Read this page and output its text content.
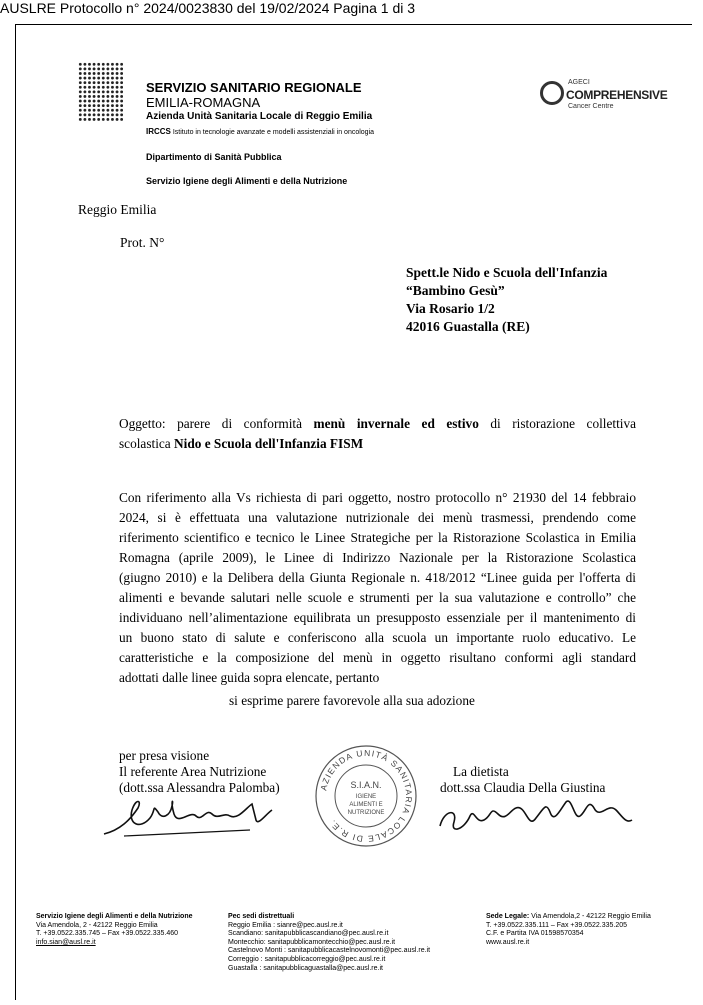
AUSLRE Protocollo n° 2024/0023830 del 19/02/2024 Pagina 1 di 3
SERVIZIO SANITARIO REGIONALE
EMILIA-ROMAGNA
Azienda Unità Sanitaria Locale di Reggio Emilia
IRCCS Istituto in tecnologie avanzate e modelli assistenziali in oncologia
Dipartimento di Sanità Pubblica
Servizio Igiene degli Alimenti e della Nutrizione
AGECI
COMPREHENSIVE
Cancer Centre
Reggio Emilia
Prot. N°
Spett.le Nido e Scuola dell'Infanzia
“Bambino Gesù”
Via Rosario 1/2
42016 Guastalla (RE)
Oggetto: parere di conformità menù invernale ed estivo di ristorazione collettiva
scolastica Nido e Scuola dell'Infanzia FISM
Con riferimento alla Vs richiesta di pari oggetto, nostro protocollo n° 21930 del 14 febbraio
2024, si è effettuata una valutazione nutrizionale dei menù trasmessi, prendendo come
riferimento scientifico e tecnico le Linee Strategiche per la Ristorazione Scolastica in Emilia
Romagna (aprile 2009), le Linee di Indirizzo Nazionale per la Ristorazione Scolastica
(giugno 2010) e la Delibera della Giunta Regionale n. 418/2012 “Linee guida per l'offerta di
alimenti e bevande salutari nelle scuole e strumenti per la sua valutazione e controllo” che
individuano nell’alimentazione equilibrata un presupposto essenziale per il mantenimento di
un buono stato di salute e conferiscono alla scuola un importante ruolo educativo. Le
caratteristiche e la composizione del menù in oggetto risultano conformi agli standard
adottati dalle linee guida sopra elencate, pertanto
si esprime parere favorevole alla sua adozione
per presa visione
Il referente Area Nutrizione
(dott.ssa Alessandra Palomba)
La dietista
dott.ssa Claudia Della Giustina
AZIENDA UNITÀ SANITARIA LOCALE DI R.E.
S.I.A.N.
IGIENE
ALIMENTI E
NUTRIZIONE
Servizio Igiene degli Alimenti e della Nutrizione
Via Amendola, 2 - 42122 Reggio Emilia
T. +39.0522.335.745 – Fax +39.0522.335.460
info.sian@ausl.re.it
Pec sedi distrettuali
Reggio Emilia : sianre@pec.ausl.re.it
Scandiano: sanitapubblicascandiano@pec.ausl.re.it
Montecchio: sanitapubblicamontecchio@pec.ausl.re.it
Castelnovo Monti : sanitapubblicacastelnovomonti@pec.ausl.re.it
Correggio : sanitapubblicacorreggio@pec.ausl.re.it
Guastalla : sanitapubblicaguastalla@pec.ausl.re.it
Sede Legale: Via Amendola,2 - 42122 Reggio Emilia
T. +39.0522.335.111 – Fax +39.0522.335.205
C.F. e Partita IVA 01598570354
www.ausl.re.it
